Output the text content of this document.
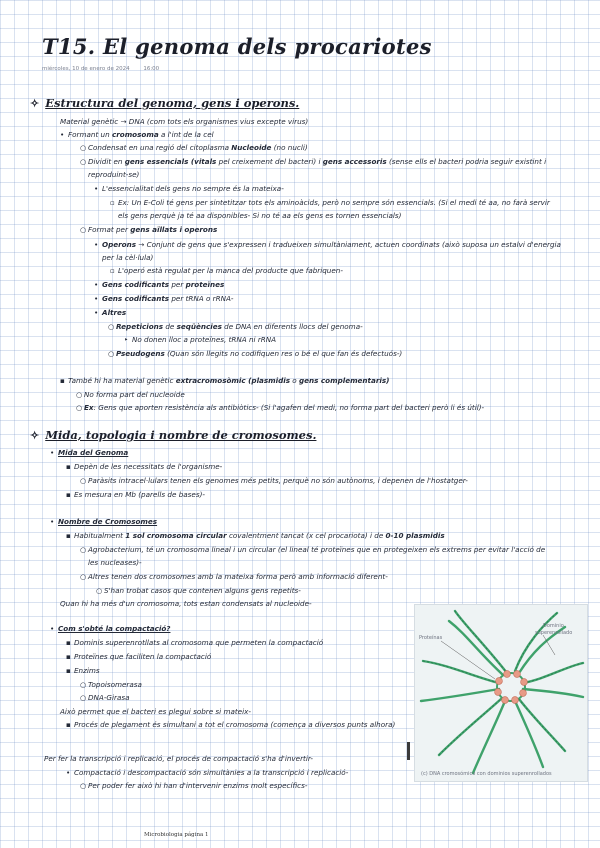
T15. El genoma dels procariotes
miércoles, 10 de enero de 2024	16:00
✧ Estructura del genoma, gens i operons.
Material genètic → DNA (com tots els organismes vius excepte virus)
• Formant un cromosoma a l'int de la cel
○ Condensat en una regió del citoplasma Nucleoide (no nucli)
○ Dividit en gens essencials (vitals pel creixement del bacteri) i gens accessoris (sense ells el bacteri podria seguir existint i
reproduint-se)
• L'essencialitat dels gens no sempre és la mateixa-
▫ Ex: Un E-Coli té gens per sintetitzar tots els aminoàcids, però no sempre són essencials. (Si el medi té aa, no farà servir
els gens perquè ja té aa disponibles- Si no té aa els gens es tornen essencials)
○ Format per gens aïllats i operons
• Operons → Conjunt de gens que s'expressen i tradueixen simultàniament, actuen coordinats (això suposa un estalvi d'energia
per la cèl·lula)
▫ L'operó està regulat per la manca del producte que fabriquen-
• Gens codificants per proteïnes
• Gens codificants per tRNA o rRNA-
• Altres
○ Repeticions de seqüències de DNA en diferents llocs del genoma-
‣ No donen lloc a proteïnes, tRNA ni rRNA
○ Pseudogens (Quan són llegits no codifiquen res o bé el que fan és defectuós-)
▪ També hi ha material genètic extracromosòmic (plasmidis o gens complementaris)
○ No forma part del nucleoide
○ Ex: Gens que aporten resistència als antibiòtics- (Si l'agafen del medi, no forma part del bacteri però li és útil)-
✧ Mida, topologia i nombre de cromosomes.
• Mida del Genoma
▪ Depèn de les necessitats de l'organisme-
○ Paràsits intracel·lulars tenen els genomes més petits, perquè no són autònoms, i depenen de l'hostatger-
▪ Es mesura en Mb (parells de bases)-
• Nombre de Cromosomes
▪ Habitualment 1 sol cromosoma circular covalentment tancat (x cel procariota) i de 0-10 plasmidis
○ Agrobacterium, té un cromosoma lineal i un circular (el lineal té proteïnes que en protegeixen els extrems per evitar l'acció de
les nucleases)-
○ Altres tenen dos cromosomes amb la mateixa forma però amb informació diferent-
○ S'han trobat casos que contenen alguns gens repetits-
Quan hi ha més d'un cromosoma, tots estan condensats al nucleoide-
• Com s'obté la compactació?
▪ Dominis superenrotllats al cromosoma que permeten la compactació
▪ Proteïnes que faciliten la compactació
▪ Enzims
○ Topoisomerasa
○ DNA-Girasa
Això permet que el bacteri es plegui sobre si mateix-
▪ Procés de plegament és simultani a tot el cromosoma (comença a diversos punts alhora)
Per fer la transcripció i replicació, el procés de compactació s'ha d'invertir-
• Compactació i descompactació són simultànies a la transcripció i replicació-
○ Per poder fer això hi han d'intervenir enzims molt específics-
Proteínas
Dominio
superenrollado
(c) DNA cromosómico con dominios superenrollados
Microbiologia página 1
